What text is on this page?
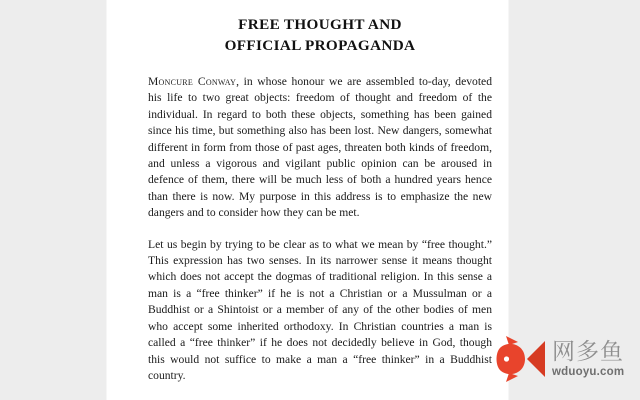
FREE THOUGHT AND
OFFICIAL PROPAGANDA

Moncure Conway, in whose honour we are assembled to-day, devoted his life to two great objects: freedom of thought and freedom of the individual. In regard to both these objects, something has been gained since his time, but something also has been lost. New dangers, somewhat different in form from those of past ages, threaten both kinds of freedom, and unless a vigorous and vigilant public opinion can be aroused in defence of them, there will be much less of both a hundred years hence than there is now. My purpose in this address is to emphasize the new dangers and to consider how they can be met.

Let us begin by trying to be clear as to what we mean by “free thought.” This expression has two senses. In its narrower sense it means thought which does not accept the dogmas of traditional religion. In this sense a man is a “free thinker” if he is not a Christian or a Mussulman or a Buddhist or a Shintoist or a member of any of the other bodies of men who accept some inherited orthodoxy. In Christian countries a man is called a “free thinker” if he does not decidedly believe in God, though this would not suffice to make a man a “free thinker” in a Buddhist country.

网多鱼
wduoyu.com
